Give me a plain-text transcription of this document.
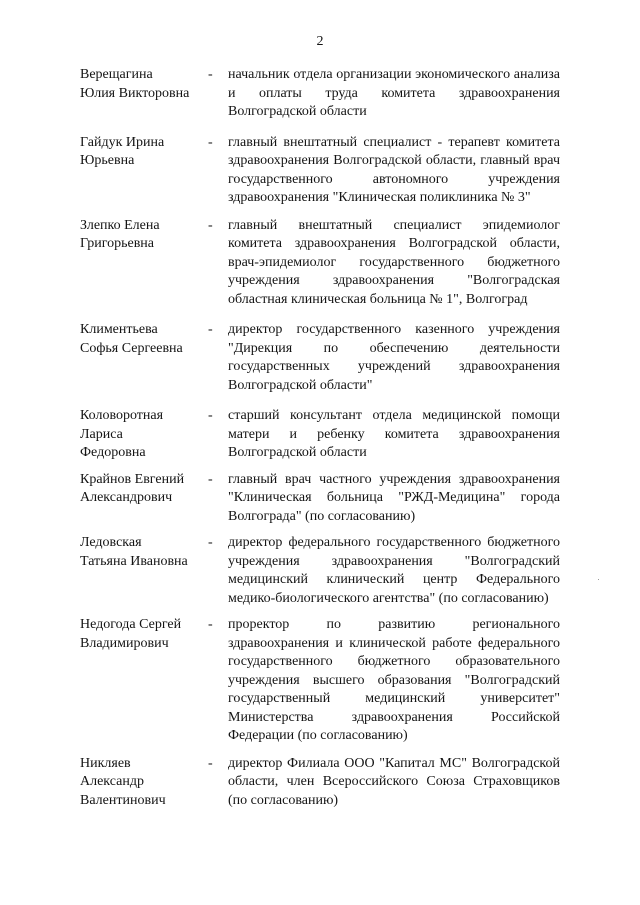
2
Верещагина
Юлия Викторовна
-	начальник отдела организации экономического анализа и оплаты труда комитета здравоохранения Волгоградской области
Гайдук Ирина
Юрьевна
-	главный внештатный специалист - терапевт комитета здравоохранения Волгоградской области, главный врач государственного автономного учреждения здравоохранения "Клиническая поликлиника № 3"
Злепко Елена
Григорьевна
-	главный внештатный специалист эпидемиолог комитета здравоохранения Волгоградской области, врач-эпидемиолог государственного бюджетного учреждения здравоохранения "Волгоградская областная клиническая больница № 1", Волгоград
Климентьева
Софья Сергеевна
-	директор государственного казенного учреждения "Дирекция по обеспечению деятельности государственных учреждений здравоохранения Волгоградской области"
Коловоротная
Лариса
Федоровна
-	старший консультант отдела медицинской помощи матери и ребенку комитета здравоохранения Волгоградской области
Крайнов Евгений
Александрович
-	главный врач частного учреждения здравоохранения "Клиническая больница "РЖД-Медицина" города Волгограда" (по согласованию)
Ледовская
Татьяна Ивановна
-	директор федерального государственного бюджетного учреждения здравоохранения "Волгоградский медицинский клинический центр Федерального медико-биологического агентства" (по согласованию)
Недогода Сергей
Владимирович
-	проректор по развитию регионального здравоохранения и клинической работе федерального государственного бюджетного образовательного учреждения высшего образования "Волгоградский государственный медицинский университет" Министерства здравоохранения Российской Федерации (по согласованию)
Никляев
Александр
Валентинович
-	директор Филиала ООО "Капитал МС" Волгоградской области, член Всероссийского Союза Страховщиков (по согласованию)
